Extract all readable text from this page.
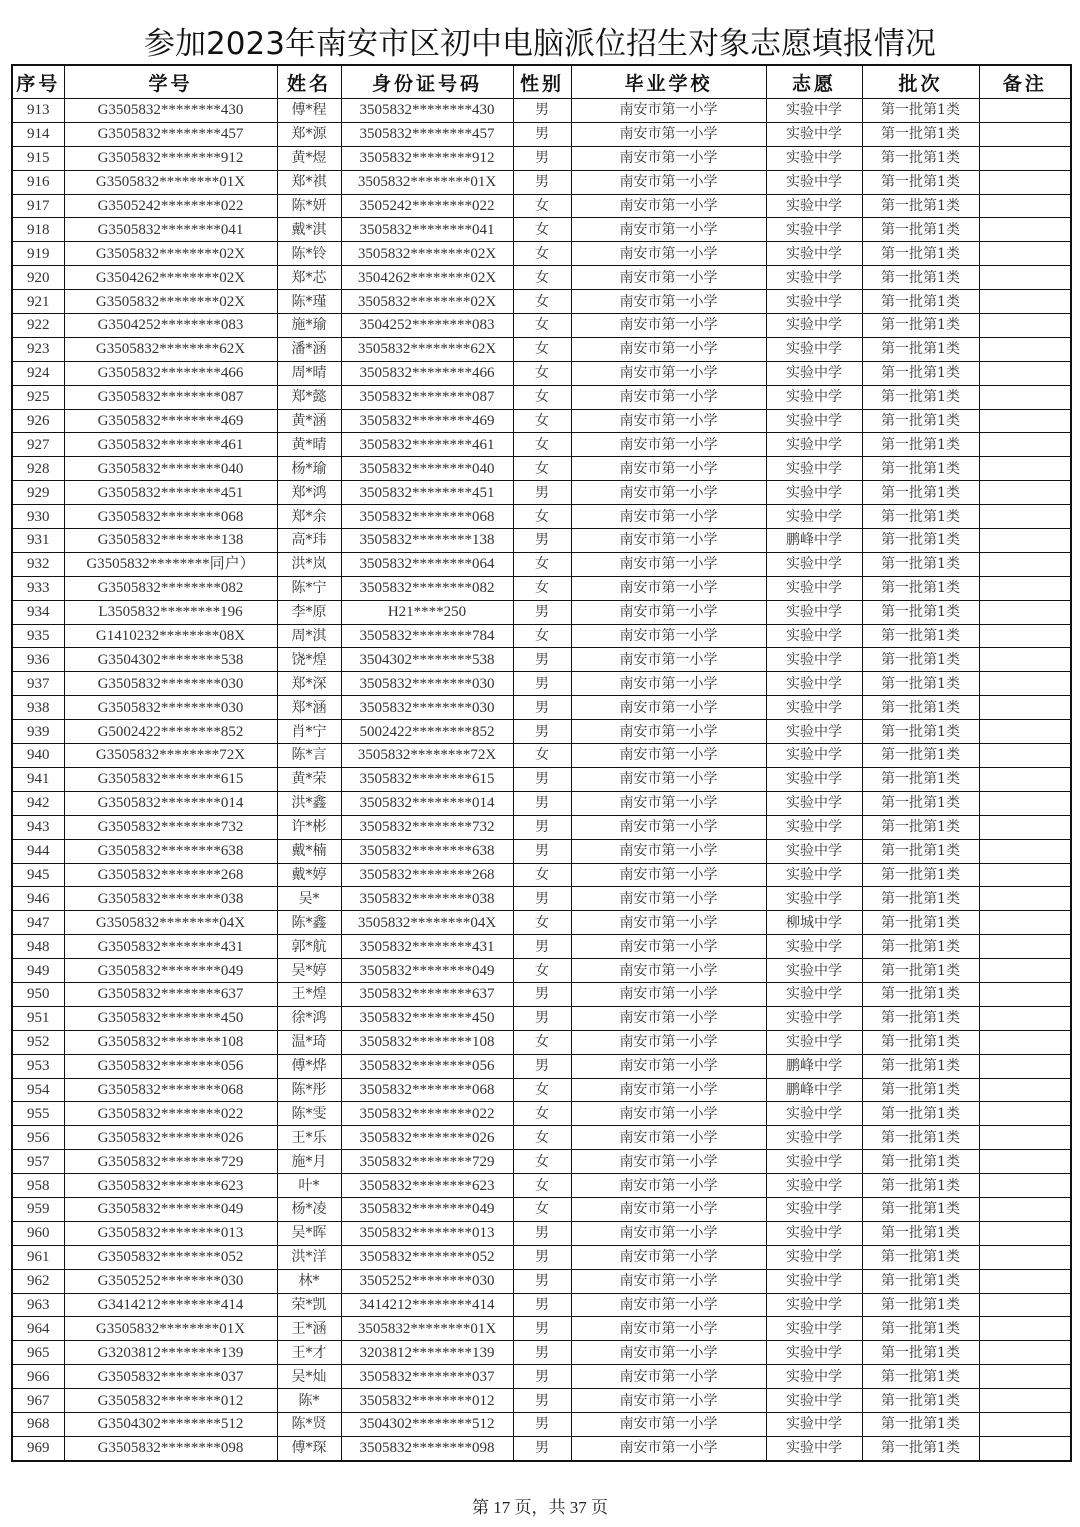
参加2023年南安市区初中电脑派位招生对象志愿填报情况
序号	学号	姓名	身份证号码	性别	毕业学校	志愿	批次	备注
913	G3505832********430	傅*程	3505832********430	男	南安市第一小学	实验中学	第一批第1类	
914	G3505832********457	郑*源	3505832********457	男	南安市第一小学	实验中学	第一批第1类	
915	G3505832********912	黄*煜	3505832********912	男	南安市第一小学	实验中学	第一批第1类	
916	G3505832********01X	郑*祺	3505832********01X	男	南安市第一小学	实验中学	第一批第1类	
917	G3505242********022	陈*妍	3505242********022	女	南安市第一小学	实验中学	第一批第1类	
918	G3505832********041	戴*淇	3505832********041	女	南安市第一小学	实验中学	第一批第1类	
919	G3505832********02X	陈*铃	3505832********02X	女	南安市第一小学	实验中学	第一批第1类	
920	G3504262********02X	郑*芯	3504262********02X	女	南安市第一小学	实验中学	第一批第1类	
921	G3505832********02X	陈*瑾	3505832********02X	女	南安市第一小学	实验中学	第一批第1类	
922	G3504252********083	施*瑜	3504252********083	女	南安市第一小学	实验中学	第一批第1类	
923	G3505832********62X	潘*涵	3505832********62X	女	南安市第一小学	实验中学	第一批第1类	
924	G3505832********466	周*晴	3505832********466	女	南安市第一小学	实验中学	第一批第1类	
925	G3505832********087	郑*懿	3505832********087	女	南安市第一小学	实验中学	第一批第1类	
926	G3505832********469	黄*涵	3505832********469	女	南安市第一小学	实验中学	第一批第1类	
927	G3505832********461	黄*晴	3505832********461	女	南安市第一小学	实验中学	第一批第1类	
928	G3505832********040	杨*瑜	3505832********040	女	南安市第一小学	实验中学	第一批第1类	
929	G3505832********451	郑*鸿	3505832********451	男	南安市第一小学	实验中学	第一批第1类	
930	G3505832********068	郑*余	3505832********068	女	南安市第一小学	实验中学	第一批第1类	
931	G3505832********138	高*玮	3505832********138	男	南安市第一小学	鹏峰中学	第一批第1类	
932	G3505832********同户）	洪*岚	3505832********064	女	南安市第一小学	实验中学	第一批第1类	
933	G3505832********082	陈*宁	3505832********082	女	南安市第一小学	实验中学	第一批第1类	
934	L3505832********196	李*原	H21****250	男	南安市第一小学	实验中学	第一批第1类	
935	G1410232********08X	周*淇	3505832********784	女	南安市第一小学	实验中学	第一批第1类	
936	G3504302********538	饶*煌	3504302********538	男	南安市第一小学	实验中学	第一批第1类	
937	G3505832********030	郑*深	3505832********030	男	南安市第一小学	实验中学	第一批第1类	
938	G3505832********030	郑*涵	3505832********030	男	南安市第一小学	实验中学	第一批第1类	
939	G5002422********852	肖*宁	5002422********852	男	南安市第一小学	实验中学	第一批第1类	
940	G3505832********72X	陈*言	3505832********72X	女	南安市第一小学	实验中学	第一批第1类	
941	G3505832********615	黄*荣	3505832********615	男	南安市第一小学	实验中学	第一批第1类	
942	G3505832********014	洪*鑫	3505832********014	男	南安市第一小学	实验中学	第一批第1类	
943	G3505832********732	许*彬	3505832********732	男	南安市第一小学	实验中学	第一批第1类	
944	G3505832********638	戴*楠	3505832********638	男	南安市第一小学	实验中学	第一批第1类	
945	G3505832********268	戴*婷	3505832********268	女	南安市第一小学	实验中学	第一批第1类	
946	G3505832********038	吴*	3505832********038	男	南安市第一小学	实验中学	第一批第1类	
947	G3505832********04X	陈*鑫	3505832********04X	女	南安市第一小学	柳城中学	第一批第1类	
948	G3505832********431	郭*航	3505832********431	男	南安市第一小学	实验中学	第一批第1类	
949	G3505832********049	吴*婷	3505832********049	女	南安市第一小学	实验中学	第一批第1类	
950	G3505832********637	王*煌	3505832********637	男	南安市第一小学	实验中学	第一批第1类	
951	G3505832********450	徐*鸿	3505832********450	男	南安市第一小学	实验中学	第一批第1类	
952	G3505832********108	温*琦	3505832********108	女	南安市第一小学	实验中学	第一批第1类	
953	G3505832********056	傅*烨	3505832********056	男	南安市第一小学	鹏峰中学	第一批第1类	
954	G3505832********068	陈*彤	3505832********068	女	南安市第一小学	鹏峰中学	第一批第1类	
955	G3505832********022	陈*雯	3505832********022	女	南安市第一小学	实验中学	第一批第1类	
956	G3505832********026	王*乐	3505832********026	女	南安市第一小学	实验中学	第一批第1类	
957	G3505832********729	施*月	3505832********729	女	南安市第一小学	实验中学	第一批第1类	
958	G3505832********623	叶*	3505832********623	女	南安市第一小学	实验中学	第一批第1类	
959	G3505832********049	杨*凌	3505832********049	女	南安市第一小学	实验中学	第一批第1类	
960	G3505832********013	吴*晖	3505832********013	男	南安市第一小学	实验中学	第一批第1类	
961	G3505832********052	洪*洋	3505832********052	男	南安市第一小学	实验中学	第一批第1类	
962	G3505252********030	林*	3505252********030	男	南安市第一小学	实验中学	第一批第1类	
963	G3414212********414	荣*凯	3414212********414	男	南安市第一小学	实验中学	第一批第1类	
964	G3505832********01X	王*涵	3505832********01X	男	南安市第一小学	实验中学	第一批第1类	
965	G3203812********139	王*才	3203812********139	男	南安市第一小学	实验中学	第一批第1类	
966	G3505832********037	吴*灿	3505832********037	男	南安市第一小学	实验中学	第一批第1类	
967	G3505832********012	陈*	3505832********012	男	南安市第一小学	实验中学	第一批第1类	
968	G3504302********512	陈*贤	3504302********512	男	南安市第一小学	实验中学	第一批第1类	
969	G3505832********098	傅*琛	3505832********098	男	南安市第一小学	实验中学	第一批第1类	
第 17 页，共 37 页
